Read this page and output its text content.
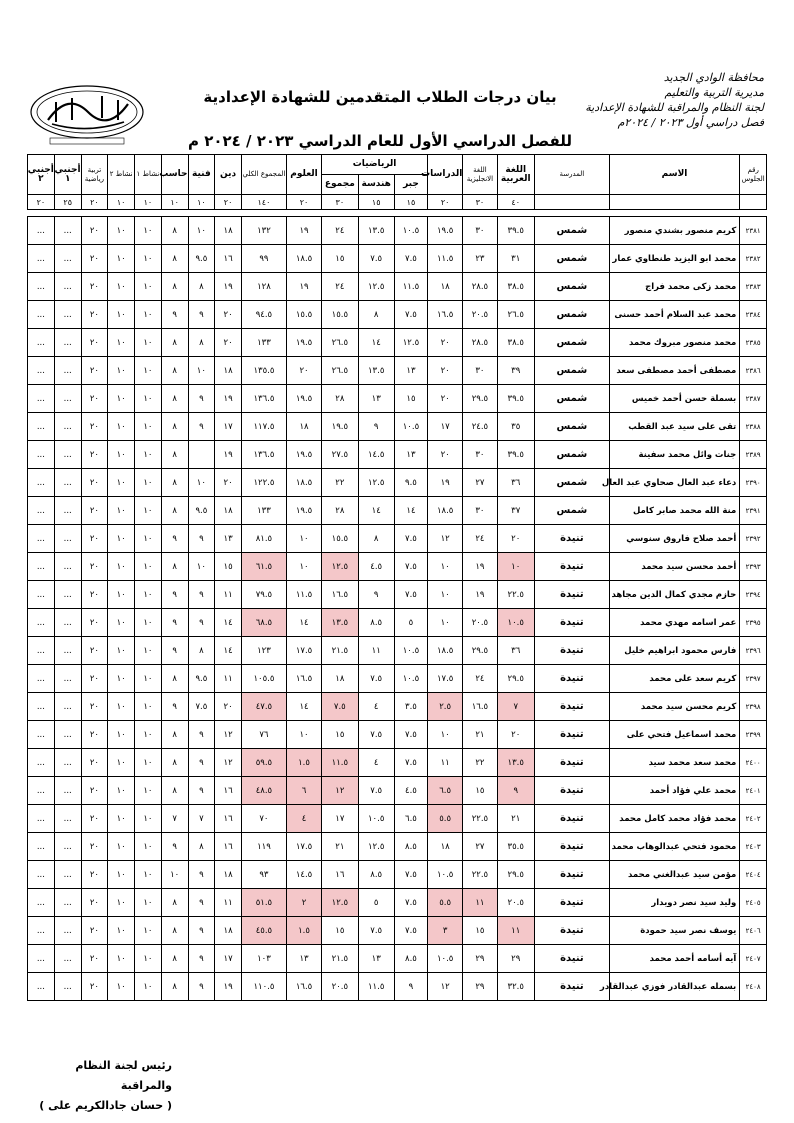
محافظة الوادي الجديد
مديرية التربية والتعليم
لجنة النظام والمراقبة للشهادة الإعدادية
فصل دراسي أول ٢٠٢٣ / ٢٠٢٤م
بيان درجات الطلاب المتقدمين للشهادة الإعدادية
للفصل الدراسي الأول للعام الدراسي ٢٠٢٣ / ٢٠٢٤ م
رقم الجلوس	الاسم	المدرسة	اللغة العربية	اللغة الانجليزية	الدراسات	الرياضيات			العلوم	المجموع الكلي	دين	فنية	حاسب	نشاط ١	نشاط ٢	تربية رياضية	أجنبي ١	أجنبي ٢
						جبر	هندسة	مجموع										
			٤٠	٣٠	٢٠	١٥	١٥	٣٠	٢٠	١٤٠	٢٠	١٠	١٠	١٠	١٠	٢٠	٢٥	٢٠

٢٣٨١	كريم منصور بشندي منصور	شمس	٣٩.٥	٣٠	١٩.٥	١٠.٥	١٣.٥	٢٤	١٩	١٣٢	١٨	١٠	٨	١٠	١٠	٢٠	...	...
٢٣٨٢	محمد ابو اليزيد طنطاوي عمار	شمس	٣١	٢٣	١١.٥	٧.٥	٧.٥	١٥	١٨.٥	٩٩	١٦	٩.٥	٨	١٠	١٠	٢٠	...	...
٢٣٨٣	محمد زكى محمد فراج	شمس	٣٨.٥	٢٨.٥	١٨	١١.٥	١٢.٥	٢٤	١٩	١٢٨	١٩	٨	٨	١٠	١٠	٢٠	...	...
٢٣٨٤	محمد عبد السلام أحمد حسنى	شمس	٢٦.٥	٢٠.٥	١٦.٥	٧.٥	٨	١٥.٥	١٥.٥	٩٤.٥	٢٠	٩	٩	١٠	١٠	٢٠	...	...
٢٣٨٥	محمد منصور مبروك محمد	شمس	٣٨.٥	٢٨.٥	٢٠	١٢.٥	١٤	٢٦.٥	١٩.٥	١٣٣	٢٠	٨	٨	١٠	١٠	٢٠	...	...
٢٣٨٦	مصطفى أحمد مصطفى سعد	شمس	٣٩	٣٠	٢٠	١٣	١٣.٥	٢٦.٥	٢٠	١٣٥.٥	١٨	١٠	٨	١٠	١٠	٢٠	...	...
٢٣٨٧	بسملة حسن أحمد خميس	شمس	٣٩.٥	٢٩.٥	٢٠	١٥	١٣	٢٨	١٩.٥	١٣٦.٥	١٩	٩	٨	١٠	١٠	٢٠	...	...
٢٣٨٨	تقى على سيد عبد القطب	شمس	٣٥	٢٤.٥	١٧	١٠.٥	٩	١٩.٥	١٨	١١٧.٥	١٧	٩	٨	١٠	١٠	٢٠	...	...
٢٣٨٩	جنات وائل محمد سفينة	شمس	٣٩.٥	٣٠	٢٠	١٣	١٤.٥	٢٧.٥	١٩.٥	١٣٦.٥	١٩		٨	١٠	١٠	٢٠	...	...
٢٣٩٠	دعاء عبد العال صحاوي عبد العال	شمس	٣٦	٢٧	١٩	٩.٥	١٢.٥	٢٢	١٨.٥	١٢٢.٥	٢٠	١٠	٨	١٠	١٠	٢٠	...	...
٢٣٩١	منة الله محمد صابر كامل	شمس	٣٧	٣٠	١٨.٥	١٤	١٤	٢٨	١٩.٥	١٣٣	١٨	٩.٥	٨	١٠	١٠	٢٠	...	...
٢٣٩٢	أحمد صلاح فاروق سنوسي	تنيدة	٢٠	٢٤	١٢	٧.٥	٨	١٥.٥	١٠	٨١.٥	١٣	٩	٩	١٠	١٠	٢٠	...	...
٢٣٩٣	أحمد محسن سيد محمد	تنيدة	١٠	١٩	١٠	٧.٥	٤.٥	١٢.٥	١٠	٦١.٥	١٥	١٠	٨	١٠	١٠	٢٠	...	...
٢٣٩٤	حازم مجدي كمال الدين مجاهد	تنيدة	٢٢.٥	١٩	١٠	٧.٥	٩	١٦.٥	١١.٥	٧٩.٥	١١	٩	٩	١٠	١٠	٢٠	...	...
٢٣٩٥	عمر اسامه مهدي محمد	تنيدة	١٠.٥	٢٠.٥	١٠	٥	٨.٥	١٣.٥	١٤	٦٨.٥	١٤	٩	٩	١٠	١٠	٢٠	...	...
٢٣٩٦	فارس محمود ابراهيم خليل	تنيدة	٣٦	٢٩.٥	١٨.٥	١٠.٥	١١	٢١.٥	١٧.٥	١٢٣	١٤	٨	٩	١٠	١٠	٢٠	...	...
٢٣٩٧	كريم سعد على محمد	تنيدة	٢٩.٥	٢٤	١٧.٥	١٠.٥	٧.٥	١٨	١٦.٥	١٠٥.٥	١١	٩.٥	٨	١٠	١٠	٢٠	...	...
٢٣٩٨	كريم محسن سيد محمد	تنيدة	٧	١٦.٥	٢.٥	٣.٥	٤	٧.٥	١٤	٤٧.٥	٢٠	٧.٥	٩	١٠	١٠	٢٠	...	...
٢٣٩٩	محمد اسماعيل فتحي على	تنيدة	٢٠	٢١	١٠	٧.٥	٧.٥	١٥	١٠	٧٦	١٢	٩	٨	١٠	١٠	٢٠	...	...
٢٤٠٠	محمد سعد محمد سيد	تنيدة	١٣.٥	٢٢	١١	٧.٥	٤	١١.٥	١.٥	٥٩.٥	١٢	٩	٨	١٠	١٠	٢٠	...	...
٢٤٠١	محمد علي فؤاد أحمد	تنيدة	٩	١٥	٦.٥	٤.٥	٧.٥	١٢	٦	٤٨.٥	١٦	٩	٨	١٠	١٠	٢٠	...	...
٢٤٠٢	محمد فؤاد محمد كامل محمد	تنيدة	٢١	٢٢.٥	٥.٥	٦.٥	١٠.٥	١٧	٤	٧٠	١٦	٧	٧	١٠	١٠	٢٠	...	...
٢٤٠٣	محمود فتحي عبدالوهاب محمد	تنيدة	٣٥.٥	٢٧	١٨	٨.٥	١٢.٥	٢١	١٧.٥	١١٩	١٦	٨	٩	١٠	١٠	٢٠	...	...
٢٤٠٤	مؤمن سيد عبدالغني محمد	تنيدة	٢٩.٥	٢٢.٥	١٠.٥	٧.٥	٨.٥	١٦	١٤.٥	٩٣	١٨	٩	١٠	١٠	١٠	٢٠	...	...
٢٤٠٥	وليد سيد نصر دويدار	تنيدة	٢٠.٥	١١	٥.٥	٧.٥	٥	١٢.٥	٢	٥١.٥	١١	٩	٨	١٠	١٠	٢٠	...	...
٢٤٠٦	يوسف نصر سيد حمودة	تنيدة	١١	١٥	٣	٧.٥	٧.٥	١٥	١.٥	٤٥.٥	١٨	٩	٨	١٠	١٠	٢٠	...	...
٢٤٠٧	آيه أسامه أحمد محمد	تنيدة	٢٩	٢٩	١٠.٥	٨.٥	١٣	٢١.٥	١٣	١٠٣	١٧	٩	٨	١٠	١٠	٢٠	...	...
٢٤٠٨	بسمله عبدالقادر فوزي عبدالقادر	تنيدة	٣٢.٥	٢٩	١٢	٩	١١.٥	٢٠.٥	١٦.٥	١١٠.٥	١٩	٩	٨	١٠	١٠	٢٠	...	...
رئيس لجنة النظام والمراقبة
( حسان جادالكريم على )
